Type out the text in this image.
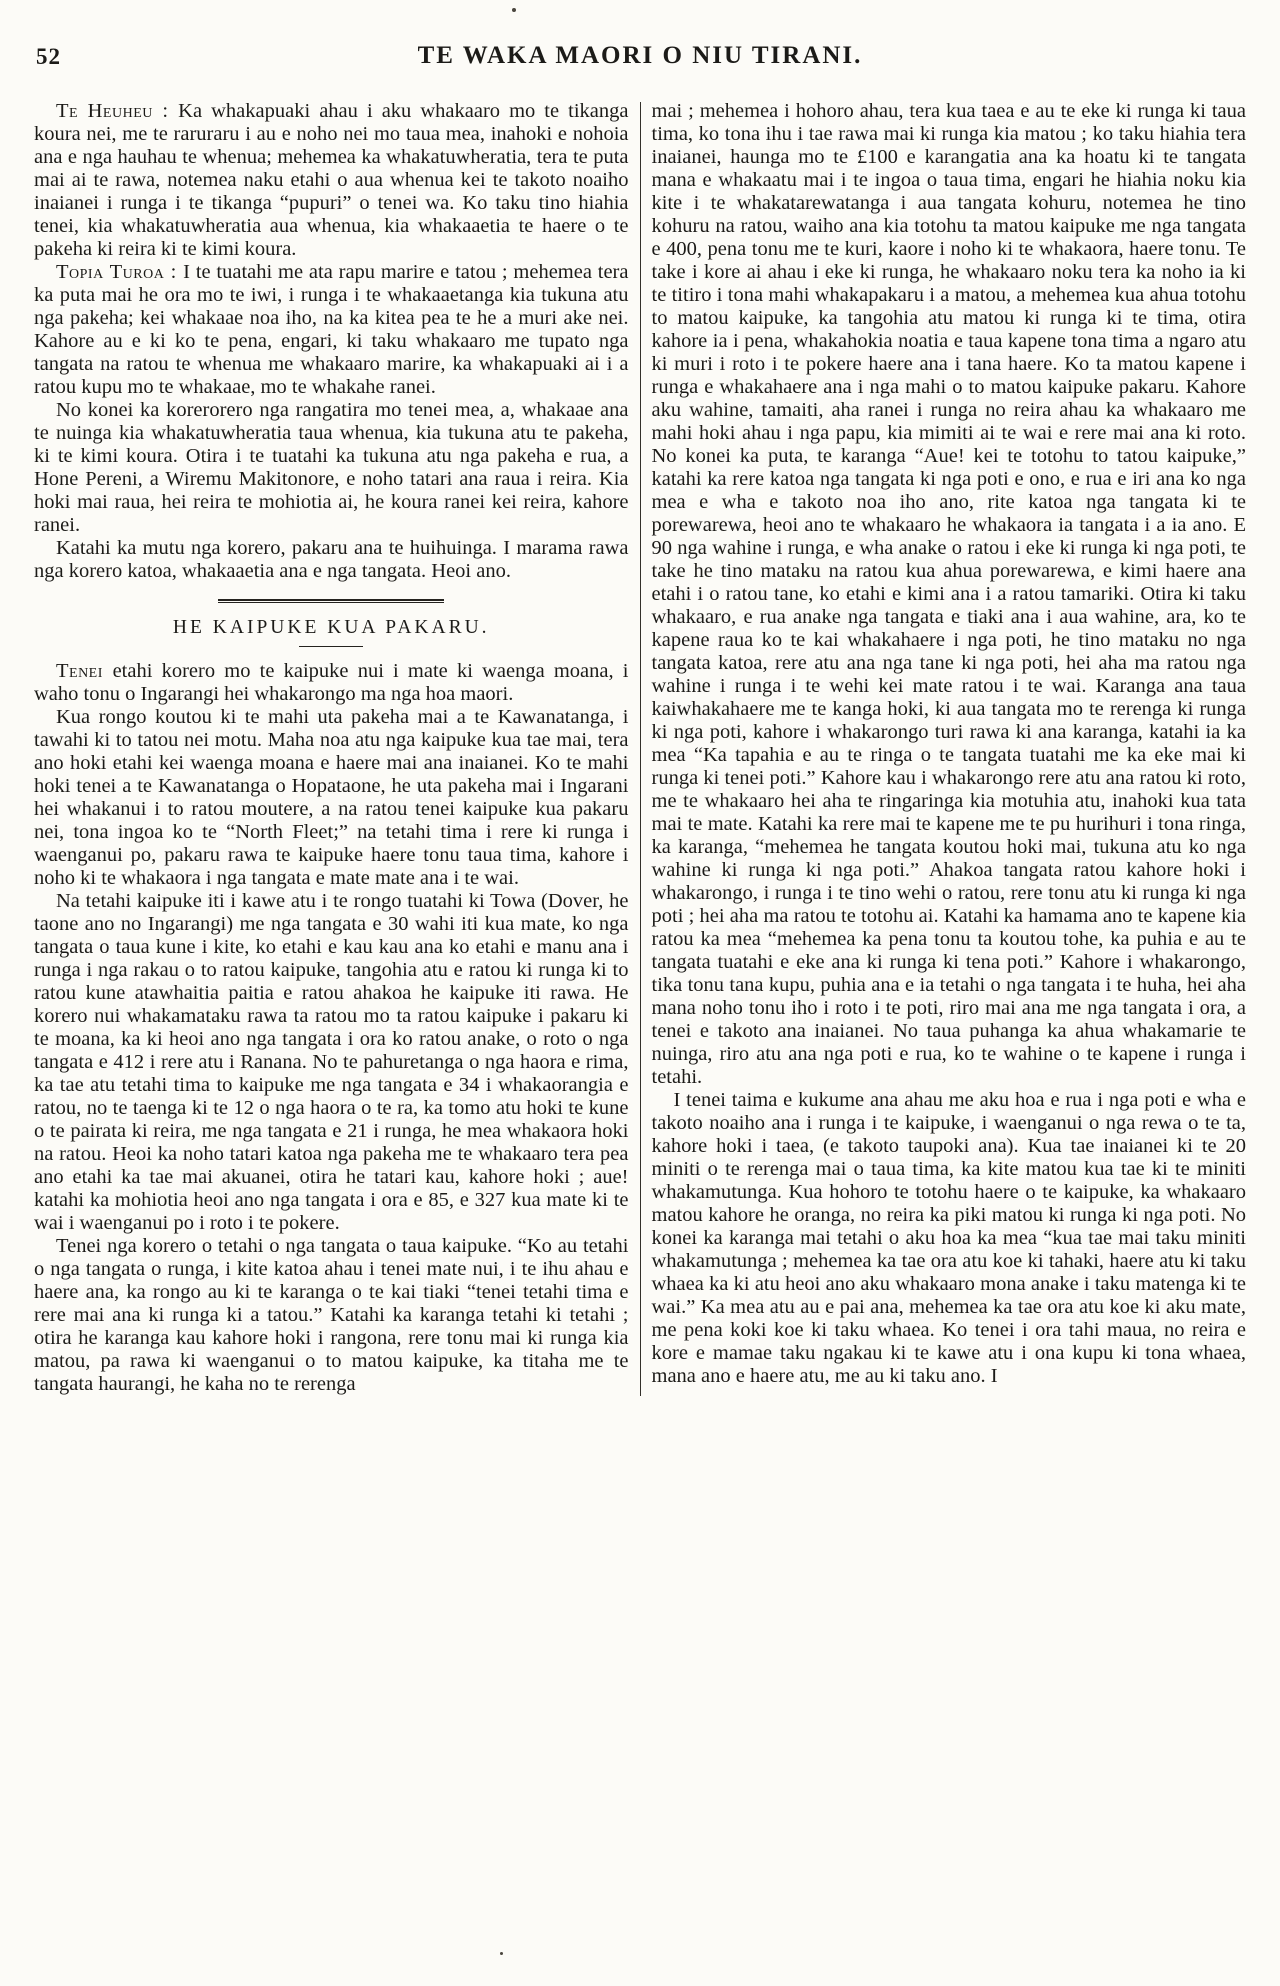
52	TE WAKA MAORI O NIU TIRANI.

Te Heuheu : Ka whakapuaki ahau i aku whakaaro mo te tikanga koura nei, me te raruraru i au e noho nei mo taua mea, inahoki e nohoia ana e nga hauhau te whenua; mehemea ka whakatuwheratia, tera te puta mai ai te rawa, notemea naku etahi o aua whenua kei te takoto noaiho inaianei i runga i te tikanga “pupuri” o tenei wa. Ko taku tino hiahia tenei, kia whakatuwheratia aua whenua, kia whakaaetia te haere o te pakeha ki reira ki te kimi koura.

Topia Turoa : I te tuatahi me ata rapu marire e tatou ; mehemea tera ka puta mai he ora mo te iwi, i runga i te whakaaetanga kia tukuna atu nga pakeha; kei whakaae noa iho, na ka kitea pea te he a muri ake nei. Kahore au e ki ko te pena, engari, ki taku whakaaro me tupato nga tangata na ratou te whenua me whakaaro marire, ka whakapuaki ai i a ratou kupu mo te whakaae, mo te whakahe ranei.

No konei ka korerorero nga rangatira mo tenei mea, a, whakaae ana te nuinga kia whakatuwheratia taua whenua, kia tukuna atu te pakeha, ki te kimi koura. Otira i te tuatahi ka tukuna atu nga pakeha e rua, a Hone Pereni, a Wiremu Makitonore, e noho tatari ana raua i reira. Kia hoki mai raua, hei reira te mohiotia ai, he koura ranei kei reira, kahore ranei.

Katahi ka mutu nga korero, pakaru ana te huihuinga. I marama rawa nga korero katoa, whakaaetia ana e nga tangata. Heoi ano.

HE KAIPUKE KUA PAKARU.

Tenei etahi korero mo te kaipuke nui i mate ki waenga moana, i waho tonu o Ingarangi hei whakarongo ma nga hoa maori.

Kua rongo koutou ki te mahi uta pakeha mai a te Kawanatanga, i tawahi ki to tatou nei motu. Maha noa atu nga kaipuke kua tae mai, tera ano hoki etahi kei waenga moana e haere mai ana inaianei. Ko te mahi hoki tenei a te Kawanatanga o Hopataone, he uta pakeha mai i Ingarani hei whakanui i to ratou moutere, a na ratou tenei kaipuke kua pakaru nei, tona ingoa ko te “North Fleet;” na tetahi tima i rere ki runga i waenganui po, pakaru rawa te kaipuke haere tonu taua tima, kahore i noho ki te whakaora i nga tangata e mate mate ana i te wai.

Na tetahi kaipuke iti i kawe atu i te rongo tuatahi ki Towa (Dover, he taone ano no Ingarangi) me nga tangata e 30 wahi iti kua mate, ko nga tangata o taua kune i kite, ko etahi e kau kau ana ko etahi e manu ana i runga i nga rakau o to ratou kaipuke, tangohia atu e ratou ki runga ki to ratou kune atawhaitia paitia e ratou ahakoa he kaipuke iti rawa. He korero nui whakamataku rawa ta ratou mo ta ratou kaipuke i pakaru ki te moana, ka ki heoi ano nga tangata i ora ko ratou anake, o roto o nga tangata e 412 i rere atu i Ranana. No te pahuretanga o nga haora e rima, ka tae atu tetahi tima to kaipuke me nga tangata e 34 i whakaorangia e ratou, no te taenga ki te 12 o nga haora o te ra, ka tomo atu hoki te kune o te pairata ki reira, me nga tangata e 21 i runga, he mea whakaora hoki na ratou. Heoi ka noho tatari katoa nga pakeha me te whakaaro tera pea ano etahi ka tae mai akuanei, otira he tatari kau, kahore hoki ; aue! katahi ka mohiotia heoi ano nga tangata i ora e 85, e 327 kua mate ki te wai i waenganui po i roto i te pokere.

Tenei nga korero o tetahi o nga tangata o taua kaipuke. “Ko au tetahi o nga tangata o runga, i kite katoa ahau i tenei mate nui, i te ihu ahau e haere ana, ka rongo au ki te karanga o te kai tiaki “tenei tetahi tima e rere mai ana ki runga ki a tatou.” Katahi ka karanga tetahi ki tetahi ; otira he karanga kau kahore hoki i rangona, rere tonu mai ki runga kia matou, pa rawa ki waenganui o to matou kaipuke, ka titaha me te tangata haurangi, he kaha no te rerenga

mai ; mehemea i hohoro ahau, tera kua taea e au te eke ki runga ki taua tima, ko tona ihu i tae rawa mai ki runga kia matou ; ko taku hiahia tera inaianei, haunga mo te £100 e karangatia ana ka hoatu ki te tangata mana e whakaatu mai i te ingoa o taua tima, engari he hiahia noku kia kite i te whakatarewatanga i aua tangata kohuru, notemea he tino kohuru na ratou, waiho ana kia totohu ta matou kaipuke me nga tangata e 400, pena tonu me te kuri, kaore i noho ki te whakaora, haere tonu. Te take i kore ai ahau i eke ki runga, he whakaaro noku tera ka noho ia ki te titiro i tona mahi whakapakaru i a matou, a mehemea kua ahua totohu to matou kaipuke, ka tangohia atu matou ki runga ki te tima, otira kahore ia i pena, whakahokia noatia e taua kapene tona tima a ngaro atu ki muri i roto i te pokere haere ana i tana haere. Ko ta matou kapene i runga e whakahaere ana i nga mahi o to matou kaipuke pakaru. Kahore aku wahine, tamaiti, aha ranei i runga no reira ahau ka whakaaro me mahi hoki ahau i nga papu, kia mimiti ai te wai e rere mai ana ki roto. No konei ka puta, te karanga “Aue! kei te totohu to tatou kaipuke,” katahi ka rere katoa nga tangata ki nga poti e ono, e rua e iri ana ko nga mea e wha e takoto noa iho ano, rite katoa nga tangata ki te porewarewa, heoi ano te whakaaro he whakaora ia tangata i a ia ano. E 90 nga wahine i runga, e wha anake o ratou i eke ki runga ki nga poti, te take he tino mataku na ratou kua ahua porewarewa, e kimi haere ana etahi i o ratou tane, ko etahi e kimi ana i a ratou tamariki. Otira ki taku whakaaro, e rua anake nga tangata e tiaki ana i aua wahine, ara, ko te kapene raua ko te kai whakahaere i nga poti, he tino mataku no nga tangata katoa, rere atu ana nga tane ki nga poti, hei aha ma ratou nga wahine i runga i te wehi kei mate ratou i te wai. Karanga ana taua kaiwhakahaere me te kanga hoki, ki aua tangata mo te rerenga ki runga ki nga poti, kahore i whakarongo turi rawa ki ana karanga, katahi ia ka mea “Ka tapahia e au te ringa o te tangata tuatahi me ka eke mai ki runga ki tenei poti.” Kahore kau i whakarongo rere atu ana ratou ki roto, me te whakaaro hei aha te ringaringa kia motuhia atu, inahoki kua tata mai te mate. Katahi ka rere mai te kapene me te pu hurihuri i tona ringa, ka karanga, “mehemea he tangata koutou hoki mai, tukuna atu ko nga wahine ki runga ki nga poti.” Ahakoa tangata ratou kahore hoki i whakarongo, i runga i te tino wehi o ratou, rere tonu atu ki runga ki nga poti ; hei aha ma ratou te totohu ai. Katahi ka hamama ano te kapene kia ratou ka mea “mehemea ka pena tonu ta koutou tohe, ka puhia e au te tangata tuatahi e eke ana ki runga ki tena poti.” Kahore i whakarongo, tika tonu tana kupu, puhia ana e ia tetahi o nga tangata i te huha, hei aha mana noho tonu iho i roto i te poti, riro mai ana me nga tangata i ora, a tenei e takoto ana inaianei. No taua puhanga ka ahua whakamarie te nuinga, riro atu ana nga poti e rua, ko te wahine o te kapene i runga i tetahi.

I tenei taima e kukume ana ahau me aku hoa e rua i nga poti e wha e takoto noaiho ana i runga i te kaipuke, i waenganui o nga rewa o te ta, kahore hoki i taea, (e takoto taupoki ana). Kua tae inaianei ki te 20 miniti o te rerenga mai o taua tima, ka kite matou kua tae ki te miniti whakamutunga. Kua hohoro te totohu haere o te kaipuke, ka whakaaro matou kahore he oranga, no reira ka piki matou ki runga ki nga poti. No konei ka karanga mai tetahi o aku hoa ka mea “kua tae mai taku miniti whakamutunga ; mehemea ka tae ora atu koe ki tahaki, haere atu ki taku whaea ka ki atu heoi ano aku whakaaro mona anake i taku matenga ki te wai.” Ka mea atu au e pai ana, mehemea ka tae ora atu koe ki aku mate, me pena koki koe ki taku whaea. Ko tenei i ora tahi maua, no reira e kore e mamae taku ngakau ki te kawe atu i ona kupu ki tona whaea, mana ano e haere atu, me au ki taku ano. I
